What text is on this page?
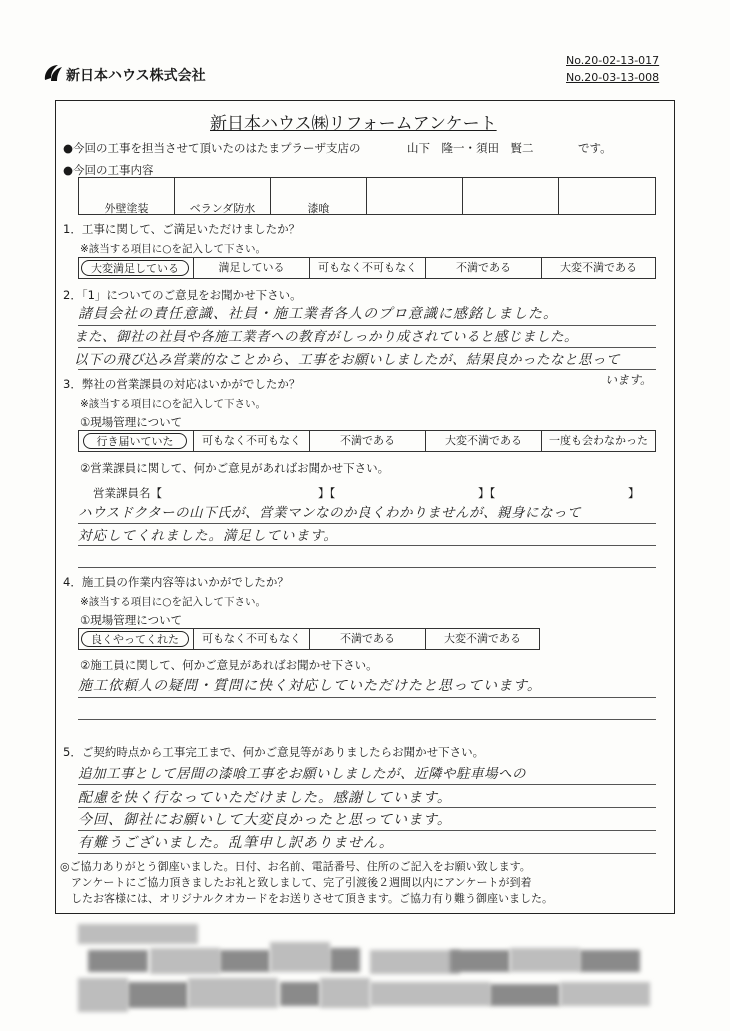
新日本ハウス株式会社
No.20-02-13-017
No.20-03-13-008
新日本ハウス㈱リフォームアンケート
●今回の工事を担当させて頂いたのはたまプラーザ支店の	山下　隆一・須田　賢二	です。
●今回の工事内容
外壁塗装	ベランダ防水	漆喰
1．工事に関して、ご満足いただけましたか？
※該当する項目に○を記入して下さい。
大変満足している	満足している	可もなく不可もなく	不満である	大変不満である
2．「1」についてのご意見をお聞かせ下さい。
諸員会社の責任意識、社員・施工業者各人のプロ意識に感銘しました。
また、御社の社員や各施工業者への教育がしっかり成されていると感じました。
以下の飛び込み営業的なことから、工事をお願いしましたが、結果良かったなと思って
います。
3．弊社の営業課員の対応はいかがでしたか？
※該当する項目に○を記入して下さい。
①現場管理について
行き届いていた	可もなく不可もなく	不満である	大変不満である	一度も会わなかった
②営業課員に関して、何かご意見があればお聞かせ下さい。
営業課員名【	】【	】【	】
ハウスドクターの山下氏が、営業マンなのか良くわかりませんが、親身になって
対応してくれました。満足しています。
4．施工員の作業内容等はいかがでしたか？
※該当する項目に○を記入して下さい。
①現場管理について
良くやってくれた	可もなく不可もなく	不満である	大変不満である
②施工員に関して、何かご意見があればお聞かせ下さい。
施工依頼人の疑問・質問に快く対応していただけたと思っています。
5．ご契約時点から工事完工まで、何かご意見等がありましたらお聞かせ下さい。
追加工事として居間の漆喰工事をお願いしましたが、近隣や駐車場への
配慮を快く行なっていただけました。感謝しています。
今回、御社にお願いして大変良かったと思っています。
有難うございました。乱筆申し訳ありません。
◎ご協力ありがとう御座いました。日付、お名前、電話番号、住所のご記入をお願い致します。
　アンケートにご協力頂きましたお礼と致しまして、完了引渡後２週間以内にアンケートが到着
　したお客様には、オリジナルクオカードをお送りさせて頂きます。ご協力有り難う御座いました。
